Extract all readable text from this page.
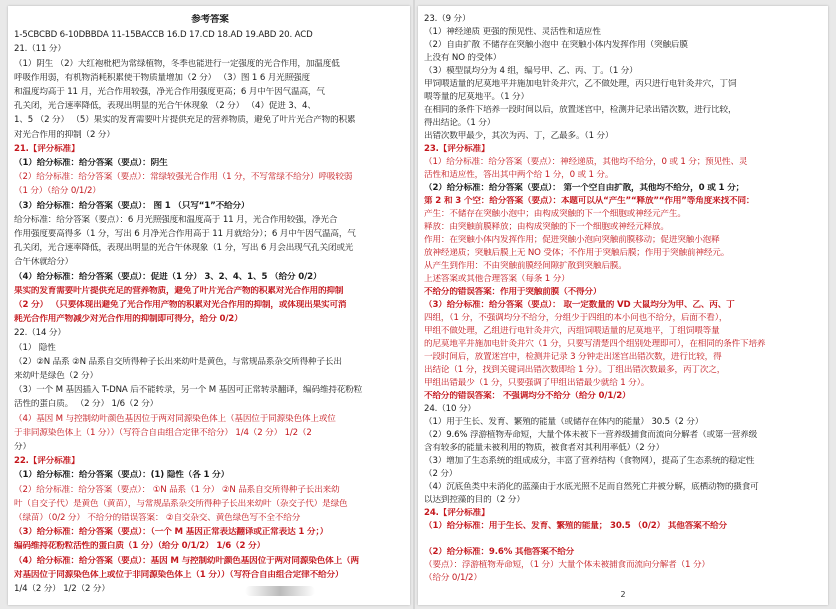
参考答案
1-5CBCBD 6-10DBBDA 11-15BACCB 16.D 17.CD 18.AD 19.ABD 20. ACD
21.（11 分）
（1）阴生 （2）大红袍枇杷为常绿植物，冬季也能进行一定强度的光合作用，加温度低
呼吸作用弱，有机物消耗积累使干物质量增加（2 分） （3）图 1 6 月光照强度
和温度均高于 11 月，光合作用较强，净光合作用强度更高；6 月中午因气温高，气
孔关闭，光合速率降低，表现出明显的光合午休现象 （2 分） （4）促进 3、4、
1、5 （2 分） （5）果实的发育需要叶片提供充足的营养物质，避免了叶片光合产物的积累
对光合作用的抑制（2 分）
21.【评分标准】
（1）给分标准：给分答案（要点）：阴生
（2）给分标准：给分答案（要点）：常绿较强光合作用（1 分，不写常绿不给分）呼吸较弱
（1 分）（给分 0/1/2）
（3）给分标准：给分答案（要点）： 图 1 （只写“1”不给分）
给分标准：给分答案（要点）：6 月光照强度和温度高于 11 月，光合作用较强，净光合
作用强度要高得多（1 分，写出 6 月净光合作用高于 11 月就给分）；6 月中午因气温高，气
孔关闭，光合速率降低，表现出明显的光合午休现象（1 分，写出 6 月会出现气孔关闭或光
合午休就给分）
（4）给分标准：给分答案（要点）：促进（1 分） 3、2、4、1、5 （给分 0/2）
果实的发育需要叶片提供充足的营养物质，避免了叶片光合产物的积累对光合作用的抑制
（2 分） （只要体现出避免了光合作用产物的积累对光合作用的抑制，或体现出果实可消
耗光合作用产物减少对光合作用的抑制即可得分，给分 0/2）
22.（14 分）
（1） 隐性
（2）②N 品系 ②N 品系自交所得种子长出来幼叶是黄色，与常规品系杂交所得种子长出
来幼叶是绿色（2 分）
（3）一个 M 基因插入 T-DNA 后不能转录，另一个 M 基因可正常转录翻译，编码维持花粉粒
活性的蛋白质。 （2 分） 1/6（2 分）
（4）基因 M 与控制幼叶颜色基因位于两对同源染色体上（基因位于同源染色体上或位
于非同源染色体上（1 分））（写符合自由组合定律不给分） 1/4（2 分） 1/2（2
分）
22.【评分标准】
（1）给分标准：给分答案（要点）：(1) 隐性（各 1 分）
（2）给分标准：给分答案（要点）： ①N 品系（1 分） ②N 品系自交所得种子长出来幼
叶（自交子代）是黄色（黄苗），与常规品系杂交所得种子长出来幼叶（杂交子代）是绿色
（绿苗）（0/2 分） 不给分的错误答案： ②自交杂交、黄色绿色写不全不给分
（3）给分标准：给分答案（要点）：（一个 M 基因正常表达翻译或正常表达 1 分；）
编码维持花粉粒活性的蛋白质（1 分）（给分 0/1/2） 1/6（2 分）
（4）给分标准：给分答案（要点）：基因 M 与控制幼叶颜色基因位于两对同源染色体上（两
对基因位于同源染色体上或位于非同源染色体上（1 分））（写符合自由组合定律不给分）
1/4（2 分） 1/2（2 分）
23.（9 分）
（1）神经递质 更强的预见性、灵活性和适应性
（2）自由扩散 不储存在突触小泡中 在突触小体内发挥作用（突触后膜
上没有 NO 的受体）
（3）模型鼠均分为 4 组，编号甲、乙、丙、丁。（1 分）
甲饲喂适量的尼莫地平并施加电针灸并穴，乙不做处理，丙只进行电针灸并穴，丁饲
喂等量的尼莫地平。（1 分）
在相同的条件下培养一段时间以后，放置迷宫中，检测并记录出错次数，进行比较，
得出结论。（1 分）
出错次数甲最少，其次为丙、丁，乙最多。（1 分）
23.【评分标准】
（1）给分标准：给分答案（要点）：神经递质，其他均不给分，0 或 1 分；预见性、灵
活性和适应性，答出其中两个给 1 分，0 或 1 分。
（2）给分标准：给分答案（要点）： 第一个空自由扩散，其他均不给分，0 或 1 分；
第 2 和 3 个空：给分答案（要点）：本题可以从“产生”“释放”“作用”等角度来找不同：
产生：不储存在突触小泡中；由构成突触的下一个细胞或神经元产生。
释放：由突触前膜释放；由构成突触的下一个细胞或神经元释放。
作用：在突触小体内发挥作用；促进突触小泡向突触前膜移动；促进突触小泡释
放神经递质；突触后膜上无 NO 受体；不作用于突触后膜；作用于突触前神经元。
从产生到作用：不由突触前膜经间隙扩散到突触后膜。
上述答案或其他合理答案（每条 1 分）
不给分的错误答案：作用于突触前膜（不得分）
（3）给分标准：给分答案（要点）： 取一定数量的 VD 大鼠均分为甲、乙、丙、丁
四组，（1 分，不强调均分不给分，分组少于四组的本小问也不给分，后面不看），
甲组不做处理，乙组进行电针灸并穴，丙组饲喂适量的尼莫地平，丁组饲喂等量
的尼莫地平并施加电针灸并穴（1 分，只要写清楚四个组别处理即可），在相同的条件下培养
一段时间后，放置迷宫中，检测并记录 3 分钟走出迷宫出错次数，进行比较，得
出结论（1 分，找到关键词出错次数即给 1 分）。丁组出错次数最多，丙丁次之，
甲组出错最少（1 分，只要强调了甲组出错最少就给 1 分）。
不给分的错误答案： 不强调均分不给分（给分 0/1/2）
24.（10 分）
（1）用于生长、发育、繁殖的能量（或储存在体内的能量） 30.5（2 分）
（2）9.6% 浮游植物寿命短，大量个体未被下一营养级捕食而流向分解者（或第一营养级
含有较多的能量未被利用的物质，被食者对其利用率低）（2 分）
（3）增加了生态系统的组成成分，丰富了营养结构（食物网），提高了生态系统的稳定性
（2 分）
（4）沉底鱼类中未消化的蓝藻由于水底光照不足而自然死亡并被分解，底栖动物的摄食可
以达到控藻的目的（2 分）
24.【评分标准】
（1）给分标准：用于生长、发育、繁殖的能量； 30.5 （0/2） 其他答案不给分
（2）给分标准：9.6% 其他答案不给分
（要点）：浮游植物寿命短，（1 分）大量个体未被捕食而流向分解者（1 分）
（给分 0/1/2）
2
